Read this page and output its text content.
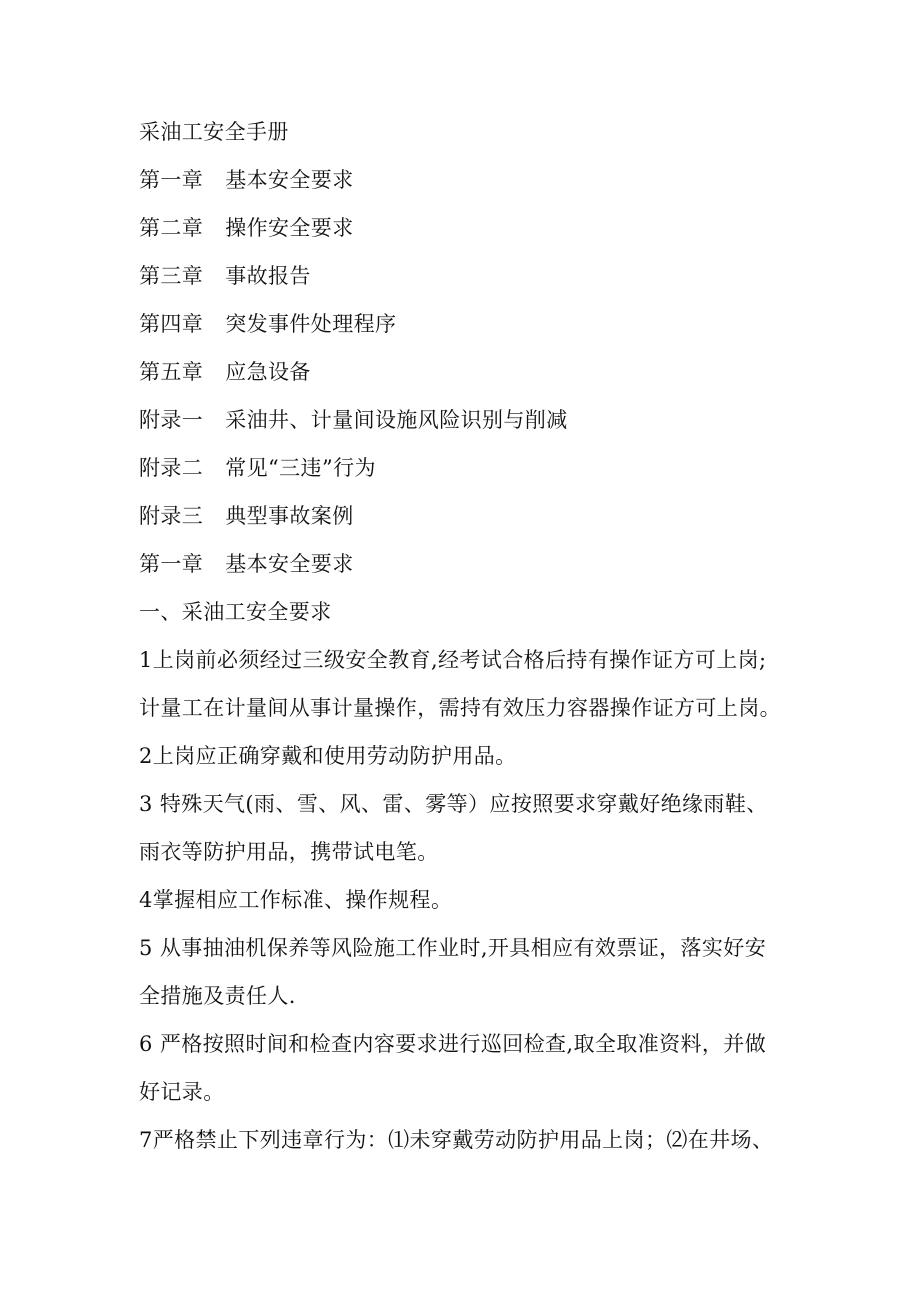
采油工安全手册
第一章 基本安全要求
第二章 操作安全要求
第三章 事故报告
第四章 突发事件处理程序
第五章 应急设备
附录一 采油井、计量间设施风险识别与削减
附录二 常见“三违”行为
附录三 典型事故案例
第一章 基本安全要求
一、采油工安全要求
1上岗前必须经过三级安全教育,经考试合格后持有操作证方可上岗;
计量工在计量间从事计量操作，需持有效压力容器操作证方可上岗。
2上岗应正确穿戴和使用劳动防护用品。
3 特殊天气(雨、雪、风、雷、雾等）应按照要求穿戴好绝缘雨鞋、
雨衣等防护用品，携带试电笔。
4掌握相应工作标准、操作规程。
5 从事抽油机保养等风险施工作业时,开具相应有效票证，落实好安
全措施及责任人.
6 严格按照时间和检查内容要求进行巡回检查,取全取准资料，并做
好记录。
7严格禁止下列违章行为：⑴未穿戴劳动防护用品上岗；⑵在井场、
